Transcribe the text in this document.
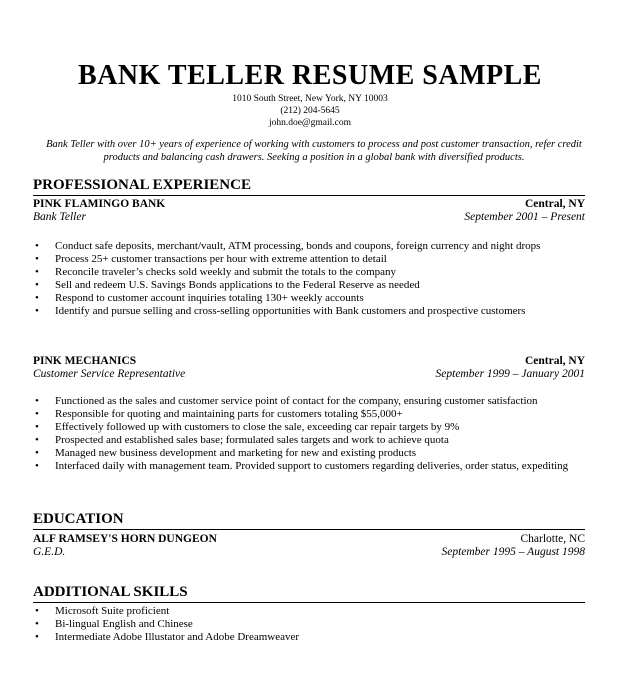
BANK TELLER RESUME SAMPLE
1010 South Street, New York, NY 10003
(212) 204-5645
john.doe@gmail.com
Bank Teller with over 10+ years of experience of working with customers to process and post customer transaction, refer credit products and balancing cash drawers. Seeking a position in a global bank with diversified products.
PROFESSIONAL EXPERIENCE
PINK FLAMINGO BANK	Central, NY
Bank Teller	September 2001 – Present
• Conduct safe deposits, merchant/vault, ATM processing, bonds and coupons, foreign currency and night drops
• Process 25+ customer transactions per hour with extreme attention to detail
• Reconcile traveler’s checks sold weekly and submit the totals to the company
• Sell and redeem U.S. Savings Bonds applications to the Federal Reserve as needed
• Respond to customer account inquiries totaling 130+ weekly accounts
• Identify and pursue selling and cross-selling opportunities with Bank customers and prospective customers
PINK MECHANICS	Central, NY
Customer Service Representative	September 1999 – January 2001
• Functioned as the sales and customer service point of contact for the company, ensuring customer satisfaction
• Responsible for quoting and maintaining parts for customers totaling $55,000+
• Effectively followed up with customers to close the sale, exceeding car repair targets by 9%
• Prospected and established sales base; formulated sales targets and work to achieve quota
• Managed new business development and marketing for new and existing products
• Interfaced daily with management team. Provided support to customers regarding deliveries, order status, expediting
EDUCATION
ALF RAMSEY'S HORN DUNGEON	Charlotte, NC
G.E.D.	September 1995 – August 1998
ADDITIONAL SKILLS
• Microsoft Suite proficient
• Bi-lingual English and Chinese
• Intermediate Adobe Illustator and Adobe Dreamweaver
